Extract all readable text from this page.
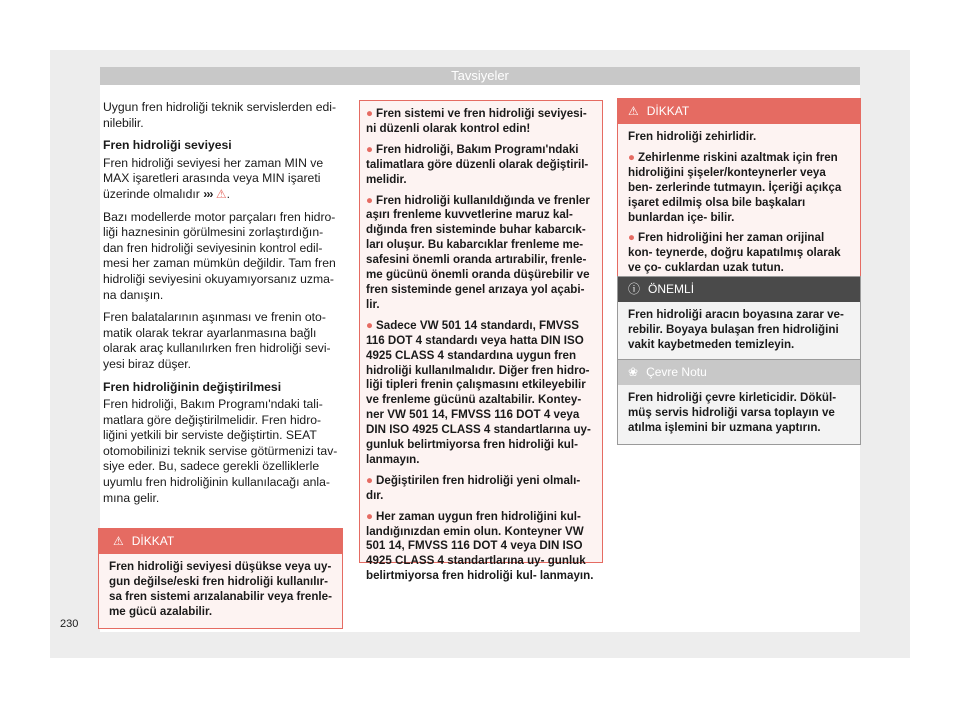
Tavsiyeler

Uygun fren hidroliği teknik servislerden edi- nilebilir.

Fren hidroliği seviyesi

Fren hidroliği seviyesi her zaman MIN ve MAX işaretleri arasında veya MIN işareti üzerinde olmalıdır ››› ⚠.

Bazı modellerde motor parçaları fren hidro- liği haznesinin görülmesini zorlaştırdığın- dan fren hidroliği seviyesinin kontrol edil- mesi her zaman mümkün değildir. Tam fren hidroliği seviyesini okuyamıyorsanız uzma- na danışın.

Fren balatalarının aşınması ve frenin oto- matik olarak tekrar ayarlanmasına bağlı olarak araç kullanılırken fren hidroliği sevi- yesi biraz düşer.

Fren hidroliğinin değiştirilmesi

Fren hidroliği, Bakım Programı'ndaki tali- matlara göre değiştirilmelidir. Fren hidro- liğini yetkili bir serviste değiştirtin. SEAT otomobilinizi teknik servise götürmenizi tav- siye eder. Bu, sadece gerekli özelliklerle uyumlu fren hidroliğinin kullanılacağı anla- mına gelir.

⚠ DİKKAT
Fren hidroliği seviyesi düşükse veya uy- gun değilse/eski fren hidroliği kullanılır- sa fren sistemi arızalanabilir veya frenle- me gücü azalabilir.
● Fren sistemi ve fren hidroliği seviyesi- ni düzenli olarak kontrol edin!
● Fren hidroliği, Bakım Programı'ndaki talimatlara göre düzenli olarak değiştiril- melidir.
● Fren hidroliği kullanıldığında ve frenler aşırı frenleme kuvvetlerine maruz kal- dığında fren sisteminde buhar kabarcık- ları oluşur. Bu kabarcıklar frenleme me- safesini önemli oranda artırabilir, frenle- me gücünü önemli oranda düşürebilir ve fren sisteminde genel arızaya yol açabi- lir.
● Sadece VW 501 14 standardı, FMVSS 116 DOT 4 standardı veya hatta DIN ISO 4925 CLASS 4 standardına uygun fren hidroliği kullanılmalıdır. Diğer fren hidro- liği tipleri frenin çalışmasını etkileyebilir ve frenleme gücünü azaltabilir. Kontey- ner VW 501 14, FMVSS 116 DOT 4 veya DIN ISO 4925 CLASS 4 standartlarına uy- gunluk belirtmiyorsa fren hidroliği kul- lanmayın.
● Değiştirilen fren hidroliği yeni olmalı- dır.
● Her zaman uygun fren hidroliğini kul- landığınızdan emin olun. Konteyner VW 501 14, FMVSS 116 DOT 4 veya DIN ISO 4925 CLASS 4 standartlarına uy- gunluk belirtmiyorsa fren hidroliği kul- lanmayın.
⚠ DİKKAT
Fren hidroliği zehirlidir.
● Zehirlenme riskini azaltmak için fren hidroliğini şişeler/konteynerler veya ben- zerlerinde tutmayın. İçeriği açıkça işaret edilmiş olsa bile başkaları bunlardan içe- bilir.
● Fren hidroliğini her zaman orijinal kon- teynerde, doğru kapatılmış olarak ve ço- cuklardan uzak tutun.
ⓘ ÖNEMLİ
Fren hidroliği aracın boyasına zarar ve- rebilir. Boyaya bulaşan fren hidroliğini vakit kaybetmeden temizleyin.
❀ Çevre Notu
Fren hidroliği çevre kirleticidir. Dökül- müş servis hidroliği varsa toplayın ve atılma işlemini bir uzmana yaptırın.
230
